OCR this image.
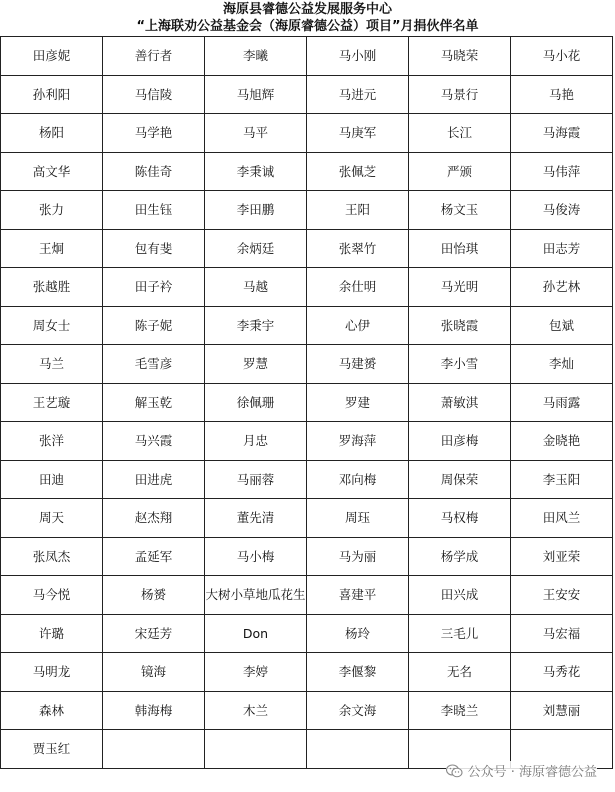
海原县睿德公益发展服务中心
“上海联劝公益基金会（海原睿德公益）项目”月捐伙伴名单
田彦妮	善行者	李曦	马小刚	马晓荣	马小花
孙利阳	马信陵	马旭辉	马进元	马景行	马艳
杨阳	马学艳	马平	马庚军	长江	马海霞
高文华	陈佳奇	李秉诚	张佩芝	严颁	马伟萍
张力	田生钰	李田鹏	王阳	杨文玉	马俊涛
王炯	包有斐	余炳廷	张翠竹	田怡琪	田志芳
张越胜	田子衿	马越	余仕明	马光明	孙艺林
周女士	陈子妮	李秉宇	心伊	张晓霞	包斌
马兰	毛雪彦	罗慧	马建赟	李小雪	李灿
王艺璇	解玉乾	徐佩珊	罗建	萧敏淇	马雨露
张洋	马兴霞	月忠	罗海萍	田彦梅	金晓艳
田迪	田进虎	马丽蓉	邓向梅	周保荣	李玉阳
周天	赵杰翔	董先清	周珏	马权梅	田风兰
张凤杰	孟延军	马小梅	马为丽	杨学成	刘亚荣
马今悦	杨赟	大树小草地瓜花生	喜建平	田兴成	王安安
许璐	宋廷芳	Don	杨玲	三毛儿	马宏福
马明龙	镜海	李婷	李偃黎	无名	马秀花
森林	韩海梅	木兰	余文海	李晓兰	刘慧丽
贾玉红					
公众号 · 海原睿德公益
